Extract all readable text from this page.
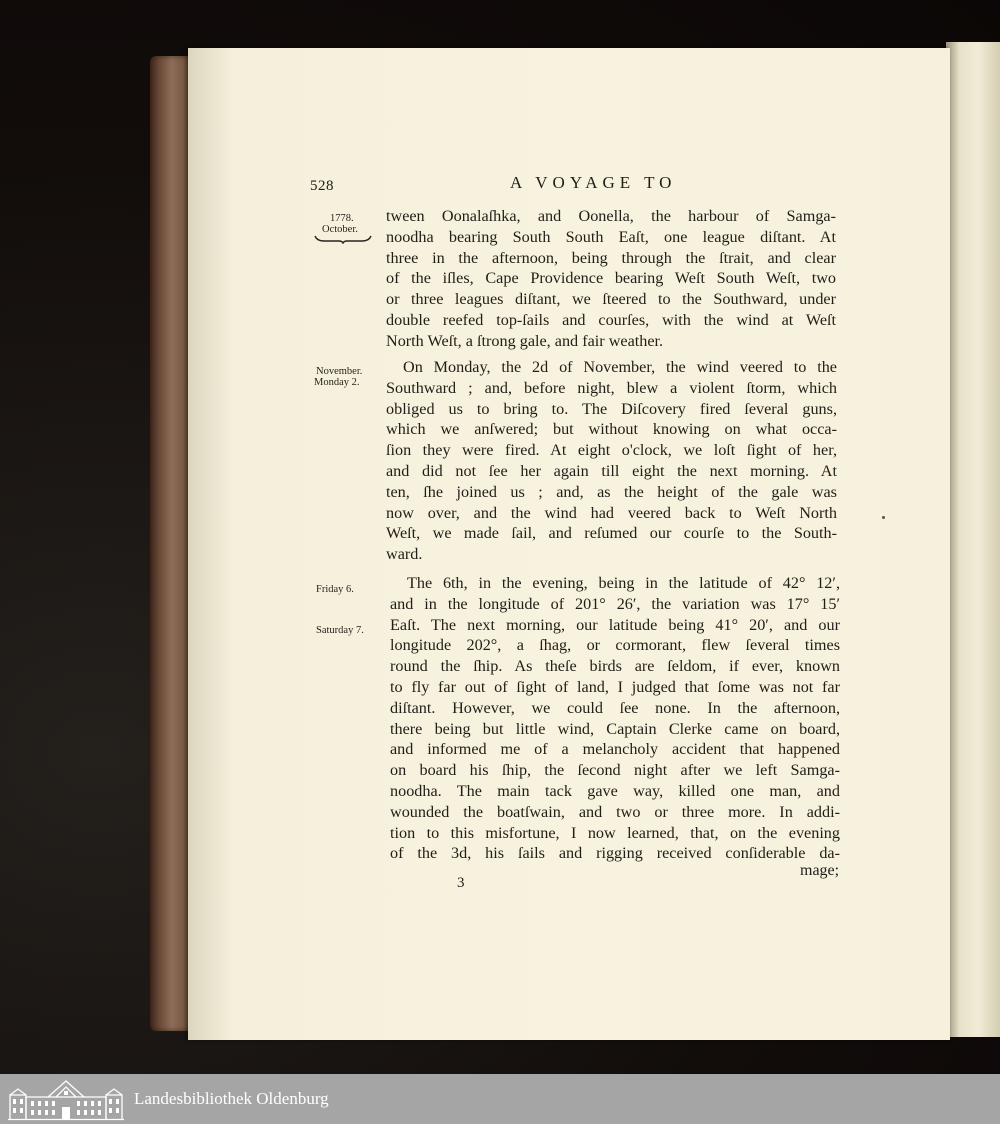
528	A VOYAGE TO
1778.
October.
November.
Monday 2.
Friday 6.
Saturday 7.
tween Oonalaſhka, and Oonella, the harbour of Samga-
noodha bearing South South Eaſt, one league diſtant. At
three in the afternoon, being through the ſtrait, and clear
of the iſles, Cape Providence bearing Weſt South Weſt, two
or three leagues diſtant, we ſteered to the Southward, under
double reefed top-ſails and courſes, with the wind at Weſt
North Weſt, a ſtrong gale, and fair weather.
On Monday, the 2d of November, the wind veered to the
Southward ; and, before night, blew a violent ſtorm, which
obliged us to bring to. The Diſcovery fired ſeveral guns,
which we anſwered; but without knowing on what occa-
ſion they were fired. At eight o'clock, we loſt ſight of her,
and did not ſee her again till eight the next morning. At
ten, ſhe joined us ; and, as the height of the gale was
now over, and the wind had veered back to Weſt North
Weſt, we made ſail, and reſumed our courſe to the South-
ward.
The 6th, in the evening, being in the latitude of 42° 12′,
and in the longitude of 201° 26′, the variation was 17° 15′
Eaſt. The next morning, our latitude being 41° 20′, and our
longitude 202°, a ſhag, or cormorant, flew ſeveral times
round the ſhip. As theſe birds are ſeldom, if ever, known
to fly far out of ſight of land, I judged that ſome was not far
diſtant. However, we could ſee none. In the afternoon,
there being but little wind, Captain Clerke came on board,
and informed me of a melancholy accident that happened
on board his ſhip, the ſecond night after we left Samga-
noodha. The main tack gave way, killed one man, and
wounded the boatſwain, and two or three more. In addi-
tion to this misfortune, I now learned, that, on the evening
of the 3d, his ſails and rigging received conſiderable da-
3
mage;
Landesbibliothek Oldenburg
